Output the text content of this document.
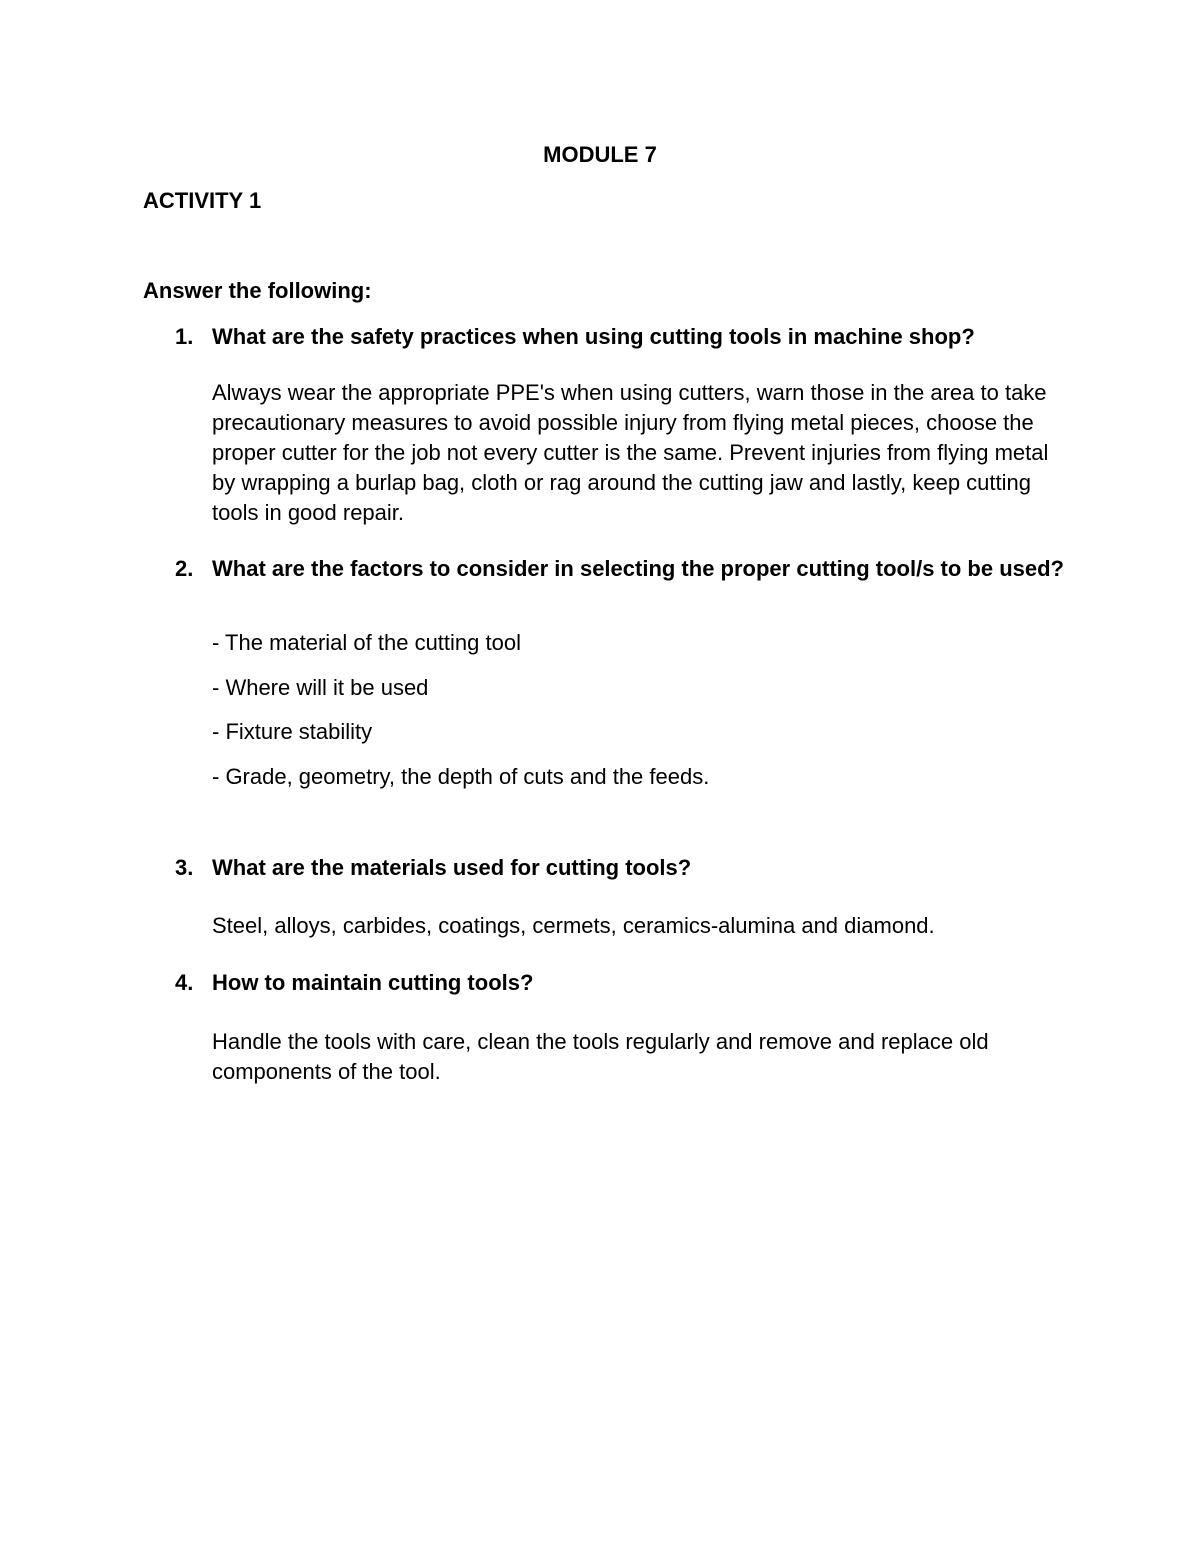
MODULE 7
ACTIVITY 1
Answer the following:
1. What are the safety practices when using cutting tools in machine shop?
Always wear the appropriate PPE's when using cutters, warn those in the area to take precautionary measures to avoid possible injury from flying metal pieces, choose the proper cutter for the job not every cutter is the same. Prevent injuries from flying metal by wrapping a burlap bag, cloth or rag around the cutting jaw and lastly, keep cutting tools in good repair.
2. What are the factors to consider in selecting the proper cutting tool/s to be used?
- The material of the cutting tool
- Where will it be used
- Fixture stability
- Grade, geometry, the depth of cuts and the feeds.
3. What are the materials used for cutting tools?
Steel, alloys, carbides, coatings, cermets, ceramics-alumina and diamond.
4. How to maintain cutting tools?
Handle the tools with care, clean the tools regularly and remove and replace old components of the tool.
